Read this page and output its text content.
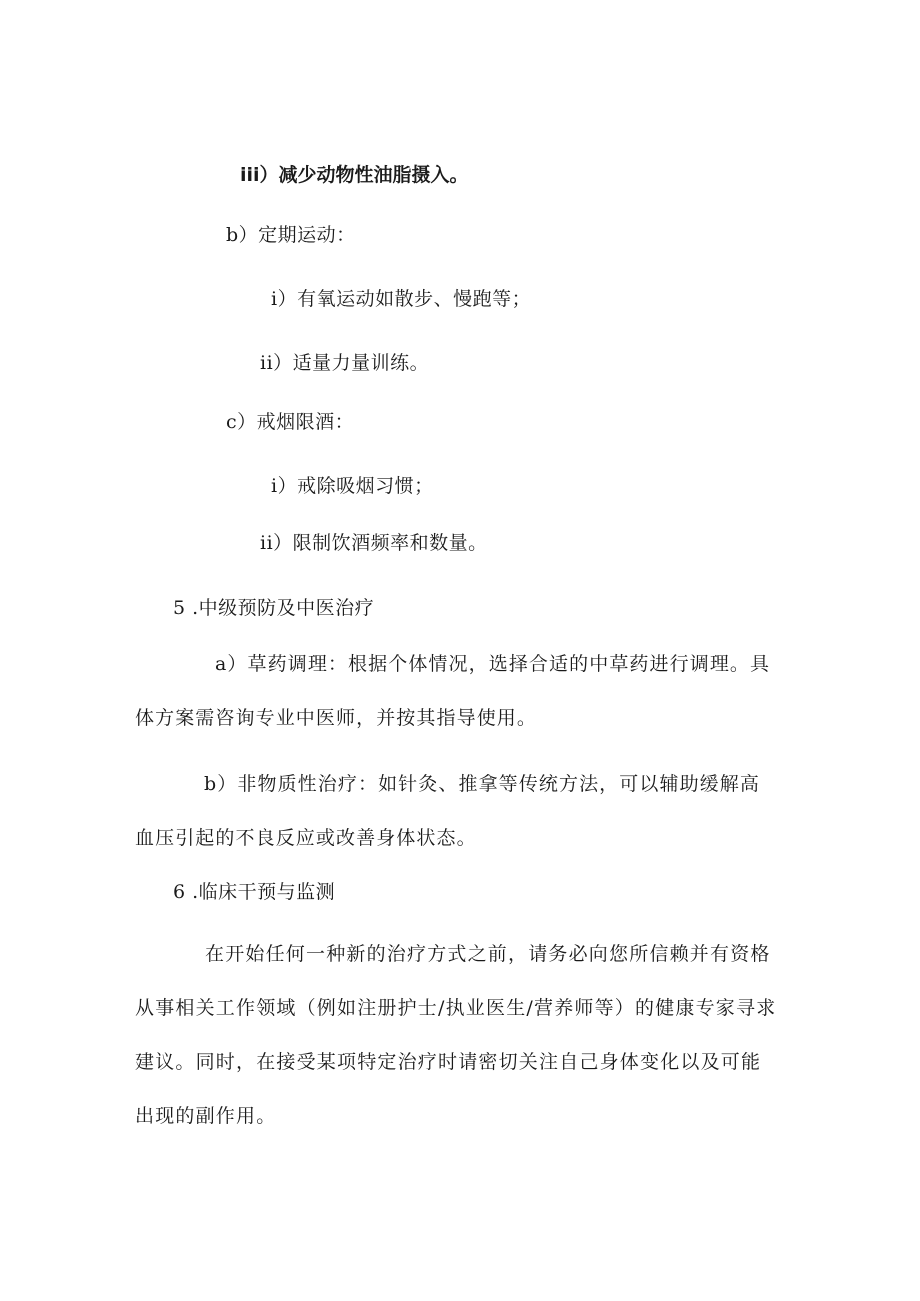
iii）减少动物性油脂摄入。
b）定期运动：
i）有氧运动如散步、慢跑等；
ii）适量力量训练。
c）戒烟限酒：
i）戒除吸烟习惯；
ii）限制饮酒频率和数量。
5 .中级预防及中医治疗
a）草药调理：根据个体情况，选择合适的中草药进行调理。具体方案需咨询专业中医师，并按其指导使用。
b）非物质性治疗：如针灸、推拿等传统方法，可以辅助缓解高血压引起的不良反应或改善身体状态。
6 .临床干预与监测
在开始任何一种新的治疗方式之前，请务必向您所信赖并有资格从事相关工作领域（例如注册护士/执业医生/营养师等）的健康专家寻求建议。同时，在接受某项特定治疗时请密切关注自己身体变化以及可能出现的副作用。
